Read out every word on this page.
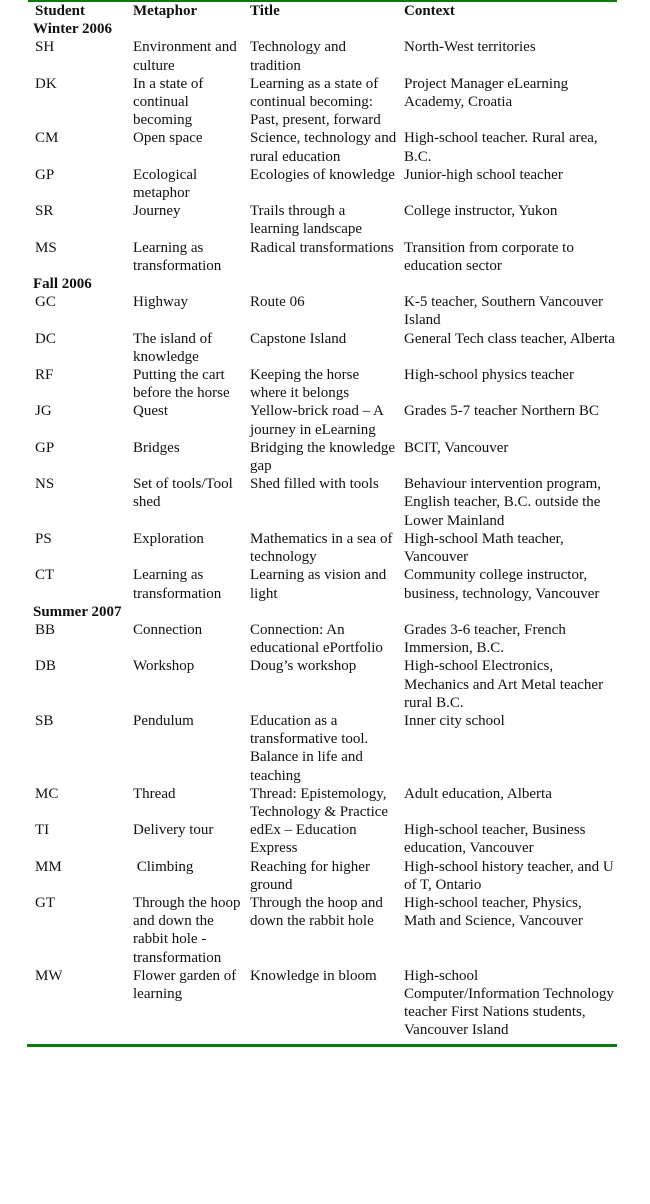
Student	Metaphor	Title	Context
Winter 2006			
SH	Environment and culture	Technology and tradition	North-West territories
DK	In a state of continual becoming	Learning as a state of continual becoming: Past, present, forward	Project Manager eLearning Academy, Croatia
CM	Open space	Science, technology and rural education	High-school teacher. Rural area, B.C.
GP	Ecological metaphor	Ecologies of knowledge	Junior-high school teacher
SR	Journey	Trails through a learning landscape	College instructor, Yukon
MS	Learning as transformation	Radical transformations	Transition from corporate to education sector
Fall 2006			
GC	Highway	Route 06	K-5 teacher, Southern Vancouver Island
DC	The island of knowledge	Capstone Island	General Tech class teacher, Alberta
RF	Putting the cart before the horse	Keeping the horse where it belongs	High-school physics teacher
JG	Quest	Yellow-brick road – A journey in eLearning	Grades 5-7 teacher Northern BC
GP	Bridges	Bridging the knowledge gap	BCIT, Vancouver
NS	Set of tools/Tool shed	Shed filled with tools	Behaviour intervention program, English teacher, B.C. outside the Lower Mainland
PS	Exploration	Mathematics in a sea of technology	High-school Math teacher, Vancouver
CT	Learning as transformation	Learning as vision and light	Community college instructor, business, technology, Vancouver
Summer 2007			
BB	Connection	Connection: An educational ePortfolio	Grades 3-6 teacher, French Immersion, B.C.
DB	Workshop	Doug’s workshop	High-school Electronics, Mechanics and Art Metal teacher rural B.C.
SB	Pendulum	Education as a transformative tool. Balance in life and teaching	Inner city school
MC	Thread	Thread: Epistemology, Technology & Practice	Adult education, Alberta
TI	Delivery tour	edEx – Education Express	High-school teacher, Business education, Vancouver
MM	Climbing	Reaching for higher ground	High-school history teacher, and U of T, Ontario
GT	Through the hoop and down the rabbit hole - transformation	Through the hoop and down the rabbit hole	High-school teacher, Physics, Math and Science, Vancouver
MW	Flower garden of learning	Knowledge in bloom	High-school Computer/Information Technology teacher First Nations students, Vancouver Island
